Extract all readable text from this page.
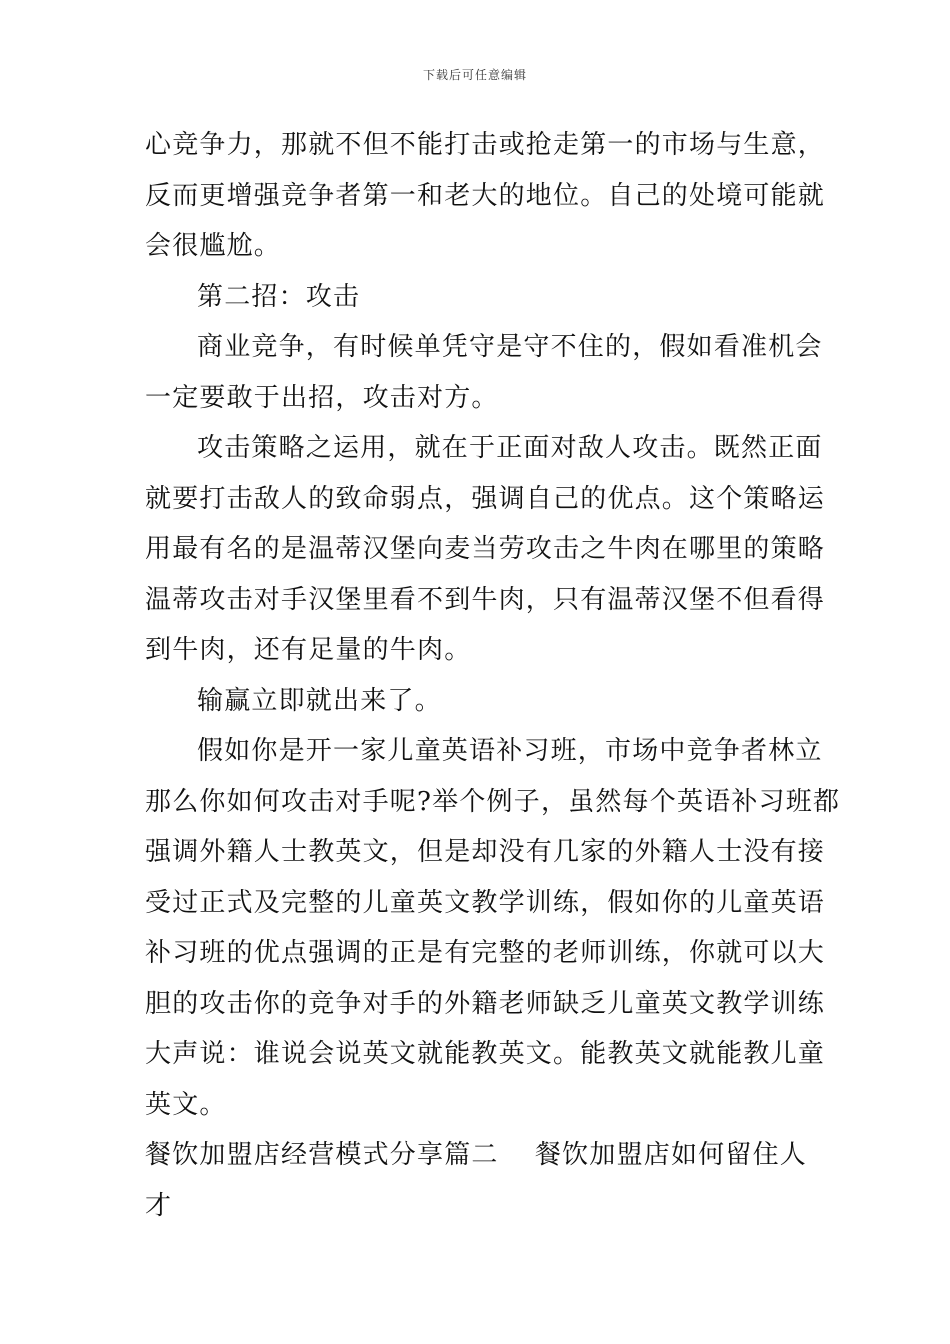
下载后可任意编辑
心竞争力，那就不但不能打击或抢走第一的市场与生意，
反而更增强竞争者第一和老大的地位。自己的处境可能就
会很尴尬。
第二招：攻击
商业竞争，有时候单凭守是守不住的，假如看准机会
一定要敢于出招，攻击对方。
攻击策略之运用，就在于正面对敌人攻击。既然正面
就要打击敌人的致命弱点，强调自己的优点。这个策略运
用最有名的是温蒂汉堡向麦当劳攻击之牛肉在哪里的策略
温蒂攻击对手汉堡里看不到牛肉，只有温蒂汉堡不但看得
到牛肉，还有足量的牛肉。
输赢立即就出来了。
假如你是开一家儿童英语补习班，市场中竞争者林立
那么你如何攻击对手呢?举个例子，虽然每个英语补习班都
强调外籍人士教英文，但是却没有几家的外籍人士没有接
受过正式及完整的儿童英文教学训练，假如你的儿童英语
补习班的优点强调的正是有完整的老师训练，你就可以大
胆的攻击你的竞争对手的外籍老师缺乏儿童英文教学训练
大声说：谁说会说英文就能教英文。能教英文就能教儿童
英文。
餐饮加盟店经营模式分享篇二 餐饮加盟店如何留住人
才
